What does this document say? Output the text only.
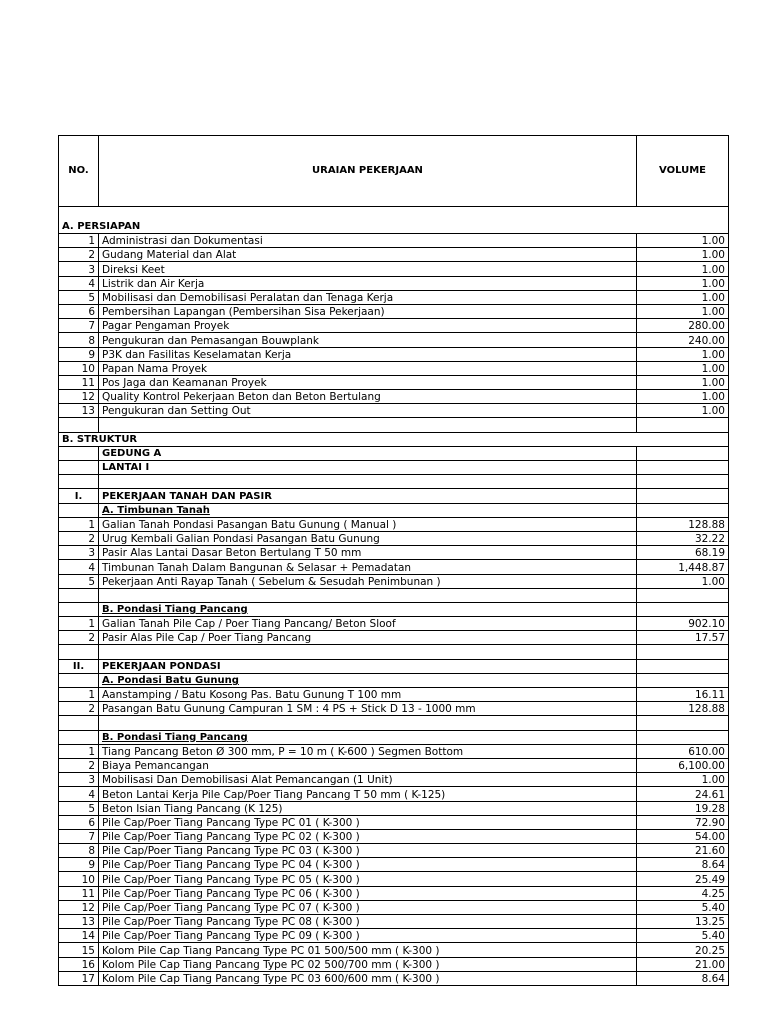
NO.	URAIAN PEKERJAAN	VOLUME
A. PERSIAPAN		
1	Administrasi dan Dokumentasi	1.00
2	Gudang Material dan Alat	1.00
3	Direksi Keet	1.00
4	Listrik dan Air Kerja	1.00
5	Mobilisasi dan Demobilisasi Peralatan dan Tenaga Kerja	1.00
6	Pembersihan Lapangan (Pembersihan Sisa Pekerjaan)	1.00
7	Pagar Pengaman Proyek	280.00
8	Pengukuran dan Pemasangan Bouwplank	240.00
9	P3K dan Fasilitas Keselamatan Kerja	1.00
10	Papan Nama Proyek	1.00
11	Pos Jaga dan Keamanan Proyek	1.00
12	Quality Kontrol Pekerjaan Beton dan Beton Bertulang	1.00
13	Pengukuran dan Setting Out	1.00

B. STRUKTUR		
	GEDUNG A	
	LANTAI I	

I.	PEKERJAAN TANAH DAN PASIR	
	A. Timbunan Tanah	
1	Galian Tanah Pondasi Pasangan Batu Gunung ( Manual )	128.88
2	Urug Kembali Galian Pondasi Pasangan Batu Gunung	32.22
3	Pasir Alas Lantai Dasar Beton Bertulang T 50 mm	68.19
4	Timbunan Tanah Dalam Bangunan & Selasar + Pemadatan	1,448.87
5	Pekerjaan Anti Rayap Tanah ( Sebelum & Sesudah Penimbunan )	1.00

	B. Pondasi Tiang Pancang	
1	Galian Tanah Pile Cap / Poer Tiang Pancang/ Beton Sloof	902.10
2	Pasir Alas Pile Cap / Poer Tiang Pancang	17.57

II.	PEKERJAAN PONDASI	
	A. Pondasi Batu Gunung	
1	Aanstamping / Batu Kosong Pas. Batu Gunung T 100 mm	16.11
2	Pasangan Batu Gunung Campuran 1 SM : 4 PS + Stick D 13 - 1000 mm	128.88

	B. Pondasi Tiang Pancang	
1	Tiang Pancang Beton Ø 300 mm, P = 10 m ( K-600 ) Segmen Bottom	610.00
2	Biaya Pemancangan	6,100.00
3	Mobilisasi Dan Demobilisasi Alat Pemancangan (1 Unit)	1.00
4	Beton Lantai Kerja Pile Cap/Poer Tiang Pancang T 50 mm ( K-125)	24.61
5	Beton Isian Tiang Pancang (K 125)	19.28
6	Pile Cap/Poer Tiang Pancang Type PC 01 ( K-300 )	72.90
7	Pile Cap/Poer Tiang Pancang Type PC 02 ( K-300 )	54.00
8	Pile Cap/Poer Tiang Pancang Type PC 03 ( K-300 )	21.60
9	Pile Cap/Poer Tiang Pancang Type PC 04 ( K-300 )	8.64
10	Pile Cap/Poer Tiang Pancang Type PC 05 ( K-300 )	25.49
11	Pile Cap/Poer Tiang Pancang Type PC 06 ( K-300 )	4.25
12	Pile Cap/Poer Tiang Pancang Type PC 07 ( K-300 )	5.40
13	Pile Cap/Poer Tiang Pancang Type PC 08 ( K-300 )	13.25
14	Pile Cap/Poer Tiang Pancang Type PC 09 ( K-300 )	5.40
15	Kolom Pile Cap Tiang Pancang Type PC 01 500/500 mm ( K-300 )	20.25
16	Kolom Pile Cap Tiang Pancang Type PC 02 500/700 mm ( K-300 )	21.00
17	Kolom Pile Cap Tiang Pancang Type PC 03 600/600 mm ( K-300 )	8.64
